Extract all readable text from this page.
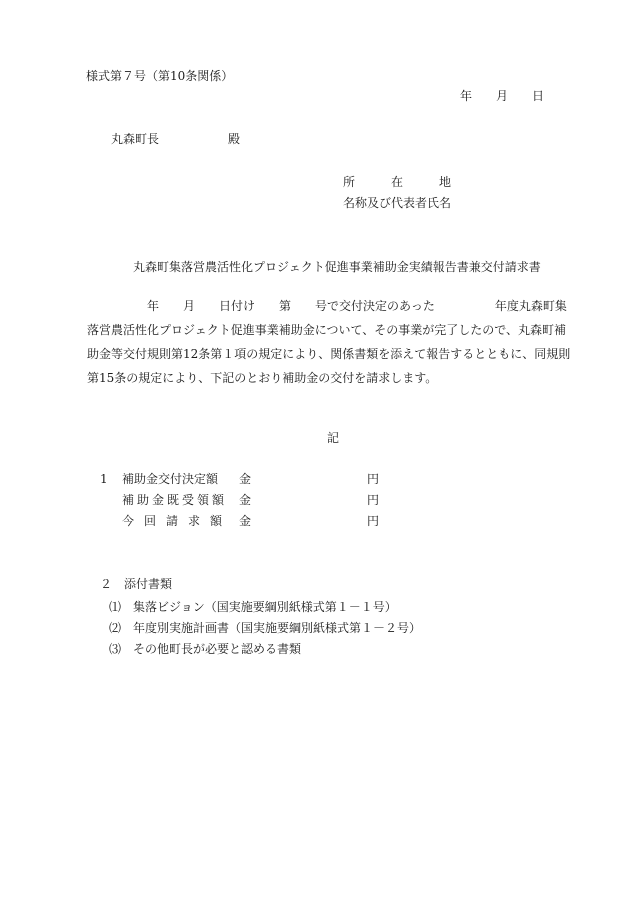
様式第７号（第10条関係）
年　　月　　日
丸森町長	殿
所　　　在　　　地
名称及び代表者氏名
丸森町集落営農活性化プロジェクト促進事業補助金実績報告書兼交付請求書
　　　　　年　　月　　日付け　　第　　号で交付決定のあった　　　　　年度丸森町集
落営農活性化プロジェクト促進事業補助金について、その事業が完了したので、丸森町補
助金等交付規則第12条第１項の規定により、関係書類を添えて報告するとともに、同規則
第15条の規定により、下記のとおり補助金の交付を請求します。
記
1 補助金交付決定額 金	円
補助金既受領額 金	円
今回請求額 金	円
２　添付書類
⑴ 集落ビジョン（国実施要綱別紙様式第１－１号）
⑵ 年度別実施計画書（国実施要綱別紙様式第１－２号）
⑶ その他町長が必要と認める書類
